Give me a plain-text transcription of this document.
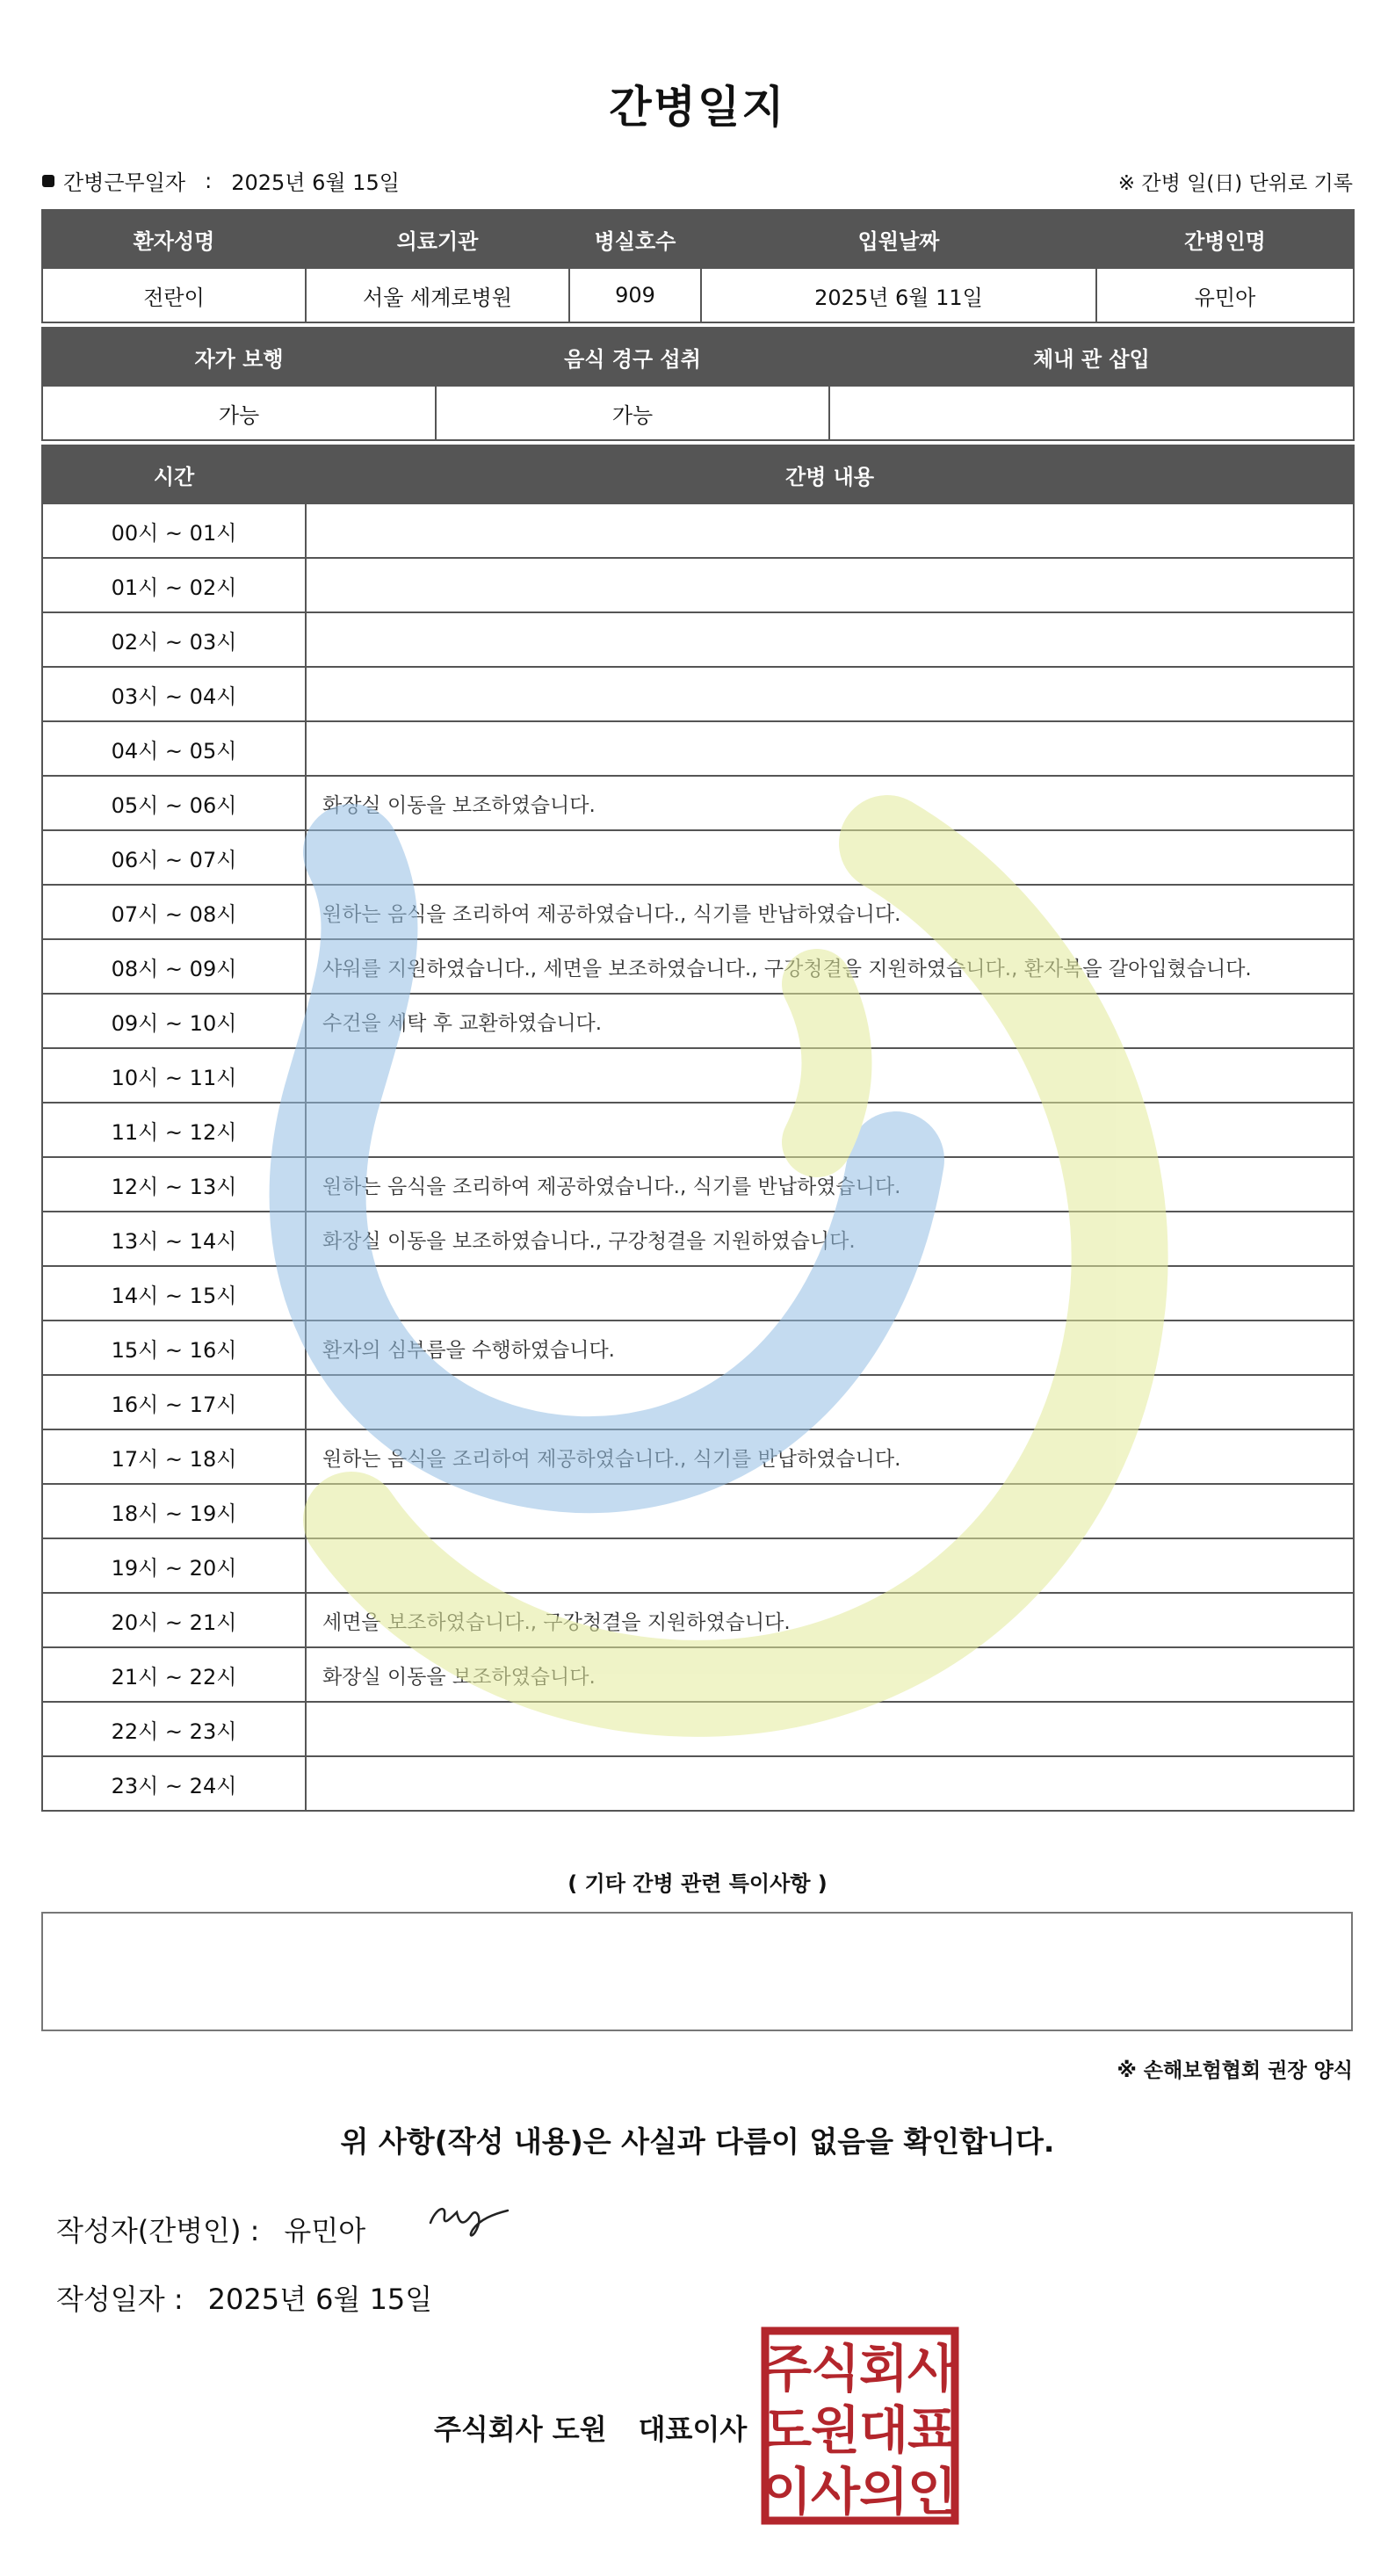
간병일지
간병근무일자 : 2025년 6월 15일	※ 간병 일(日) 단위로 기록
환자성명	의료기관	병실호수	입원날짜	간병인명
전란이	서울 세계로병원	909	2025년 6월 11일	유민아
자가 보행	음식 경구 섭취	체내 관 삽입
가능	가능	
시간	간병 내용
00시 ~ 01시	
01시 ~ 02시	
02시 ~ 03시	
03시 ~ 04시	
04시 ~ 05시	
05시 ~ 06시	화장실 이동을 보조하였습니다.
06시 ~ 07시	
07시 ~ 08시	원하는 음식을 조리하여 제공하였습니다., 식기를 반납하였습니다.
08시 ~ 09시	샤워를 지원하였습니다., 세면을 보조하였습니다., 구강청결을 지원하였습니다., 환자복을 갈아입혔습니다.
09시 ~ 10시	수건을 세탁 후 교환하였습니다.
10시 ~ 11시	
11시 ~ 12시	
12시 ~ 13시	원하는 음식을 조리하여 제공하였습니다., 식기를 반납하였습니다.
13시 ~ 14시	화장실 이동을 보조하였습니다., 구강청결을 지원하였습니다.
14시 ~ 15시	
15시 ~ 16시	환자의 심부름을 수행하였습니다.
16시 ~ 17시	
17시 ~ 18시	원하는 음식을 조리하여 제공하였습니다., 식기를 반납하였습니다.
18시 ~ 19시	
19시 ~ 20시	
20시 ~ 21시	세면을 보조하였습니다., 구강청결을 지원하였습니다.
21시 ~ 22시	화장실 이동을 보조하였습니다.
22시 ~ 23시	
23시 ~ 24시	
( 기타 간병 관련 특이사항 )
※ 손해보험협회 권장 양식
위 사항(작성 내용)은 사실과 다름이 없음을 확인합니다.
작성자(간병인) : 유민아
작성일자 : 2025년 6월 15일
주식회사 도원 대표이사
주
식
회
사
도
원
대
표
이
사
의
인
